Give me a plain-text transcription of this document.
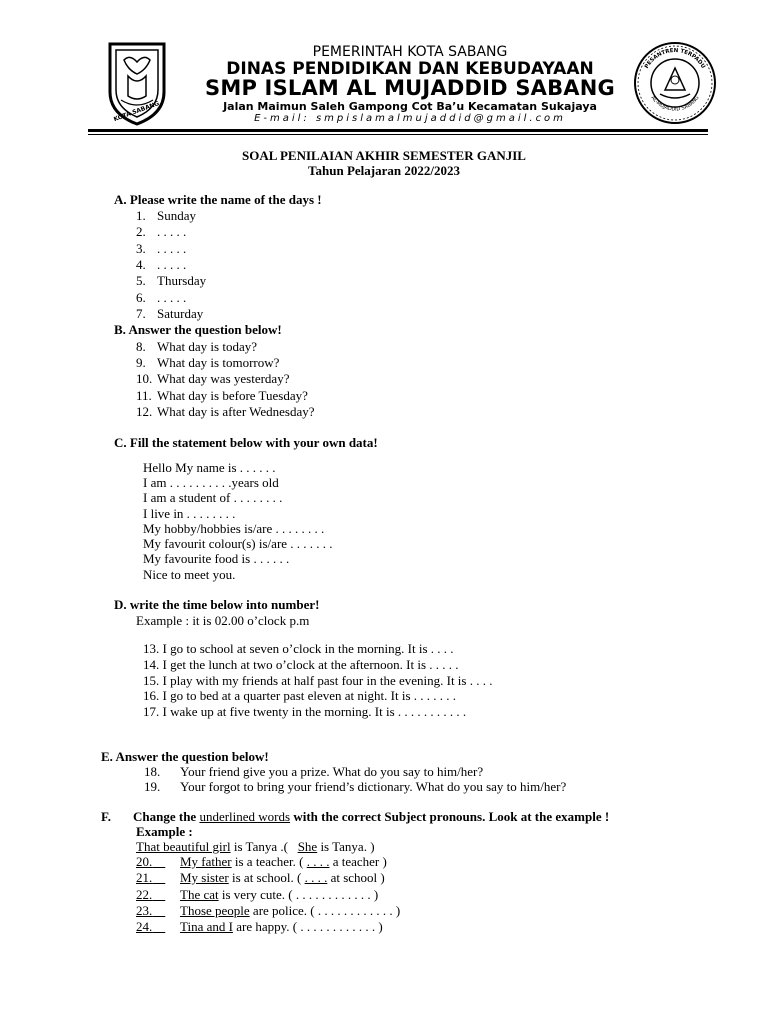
KOTA SABANG
PESANTREN TERPADU
AL-MUJADDID SABANG
PEMERINTAH KOTA SABANG
DINAS PENDIDIKAN DAN KEBUDAYAAN
SMP ISLAM AL MUJADDID SABANG
Jalan Maimun Saleh Gampong Cot Ba’u Kecamatan Sukajaya
E-mail: smpislamalmujaddid@gmail.com
SOAL PENILAIAN AKHIR SEMESTER GANJIL
Tahun Pelajaran 2022/2023
A. Please write the name of the days !
1. Sunday
2. . . . . .
3. . . . . .
4. . . . . .
5. Thursday
6. . . . . .
7. Saturday
B. Answer the question below!
8. What day is today?
9. What day is tomorrow?
10. What day was yesterday?
11. What day is before Tuesday?
12. What day is after Wednesday?
C. Fill the statement below with your own data!
Hello My name is . . . . . .
I am . . . . . . . . . .years old
I am a student of . . . . . . . .
I live in . . . . . . . .
My hobby/hobbies is/are . . . . . . . .
My favourit colour(s) is/are . . . . . . .
My favourite food is . . . . . .
Nice to meet you.
D. write the time below into number!
Example : it is 02.00 o’clock p.m
13. I go to school at seven o’clock in the morning. It is . . . .
14. I get the lunch at two o’clock at the afternoon. It is . . . . .
15. I play with my friends at half past four in the evening. It is . . . .
16. I go to bed at a quarter past eleven at night. It is . . . . . . .
17. I wake up at five twenty in the morning. It is . . . . . . . . . . .
E. Answer the question below!
18. Your friend give you a prize. What do you say to him/her?
19. Your forgot to bring your friend’s dictionary. What do you say to him/her?
F. Change the underlined words with the correct Subject pronouns. Look at the example !
Example :
That beautiful girl is Tanya .(   She is Tanya. )
20. My father is a teacher. ( . . . . a teacher )
21. My sister is at school. ( . . . . at school )
22. The cat is very cute. ( . . . . . . . . . . . . )
23. Those people are police. ( . . . . . . . . . . . . )
24. Tina and I are happy. ( . . . . . . . . . . . . )
